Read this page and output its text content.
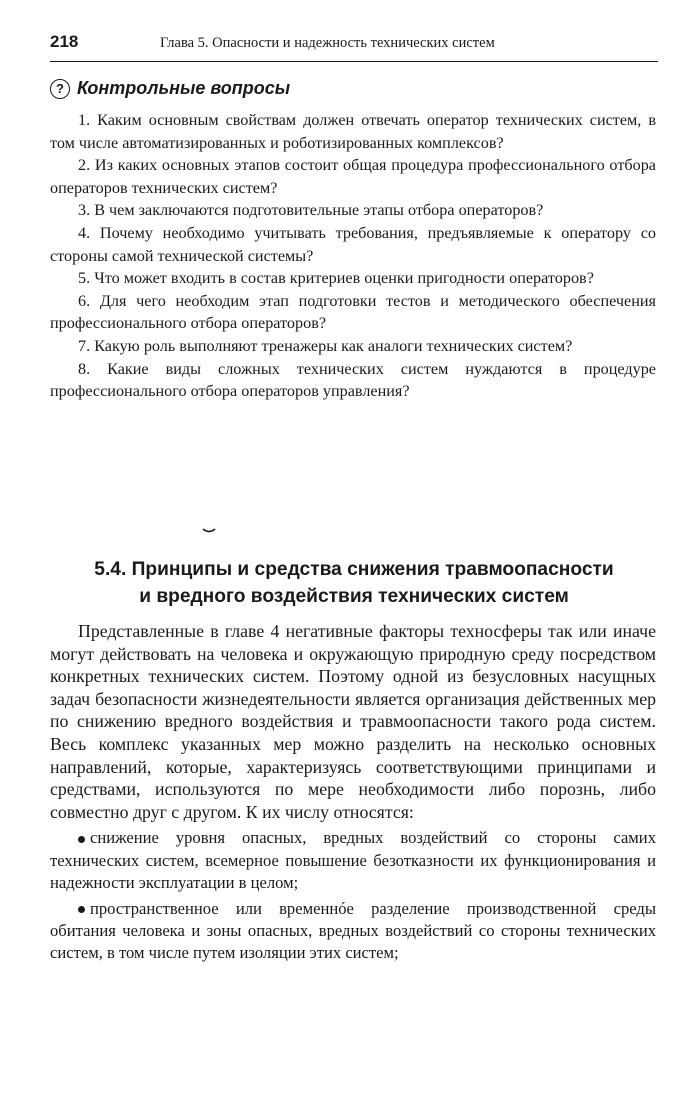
218	Глава 5. Опасности и надежность технических систем
? Контрольные вопросы
1. Каким основным свойствам должен отвечать оператор технических систем, в том числе автоматизированных и роботизированных комплексов?
2. Из каких основных этапов состоит общая процедура профессионального отбора операторов технических систем?
3. В чем заключаются подготовительные этапы отбора операторов?
4. Почему необходимо учитывать требования, предъявляемые к оператору со стороны самой технической системы?
5. Что может входить в состав критериев оценки пригодности операторов?
6. Для чего необходим этап подготовки тестов и методического обеспечения профессионального отбора операторов?
7. Какую роль выполняют тренажеры как аналоги технических систем?
8. Какие виды сложных технических систем нуждаются в процедуре профессионального отбора операторов управления?
5.4. Принципы и средства снижения травмоопасности
и вредного воздействия технических систем

Представленные в главе 4 негативные факторы техносферы так или иначе могут действовать на человека и окружающую природную среду посредством конкретных технических систем. Поэтому одной из безусловных насущных задач безопасности жизнедеятельности является организация действенных мер по снижению вредного воздействия и травмоопасности такого рода систем. Весь комплекс указанных мер можно разделить на несколько основных направлений, которые, характеризуясь соответствующими принципами и средствами, используются по мере необходимости либо порознь, либо совместно друг с другом. К их числу относятся:

снижение уровня опасных, вредных воздействий со стороны самих технических систем, всемерное повышение безотказности их функционирования и надежности эксплуатации в целом;
пространственное или временнóе разделение производственной среды обитания человека и зоны опасных, вредных воздействий со стороны технических систем, в том числе путем изоляции этих систем;
